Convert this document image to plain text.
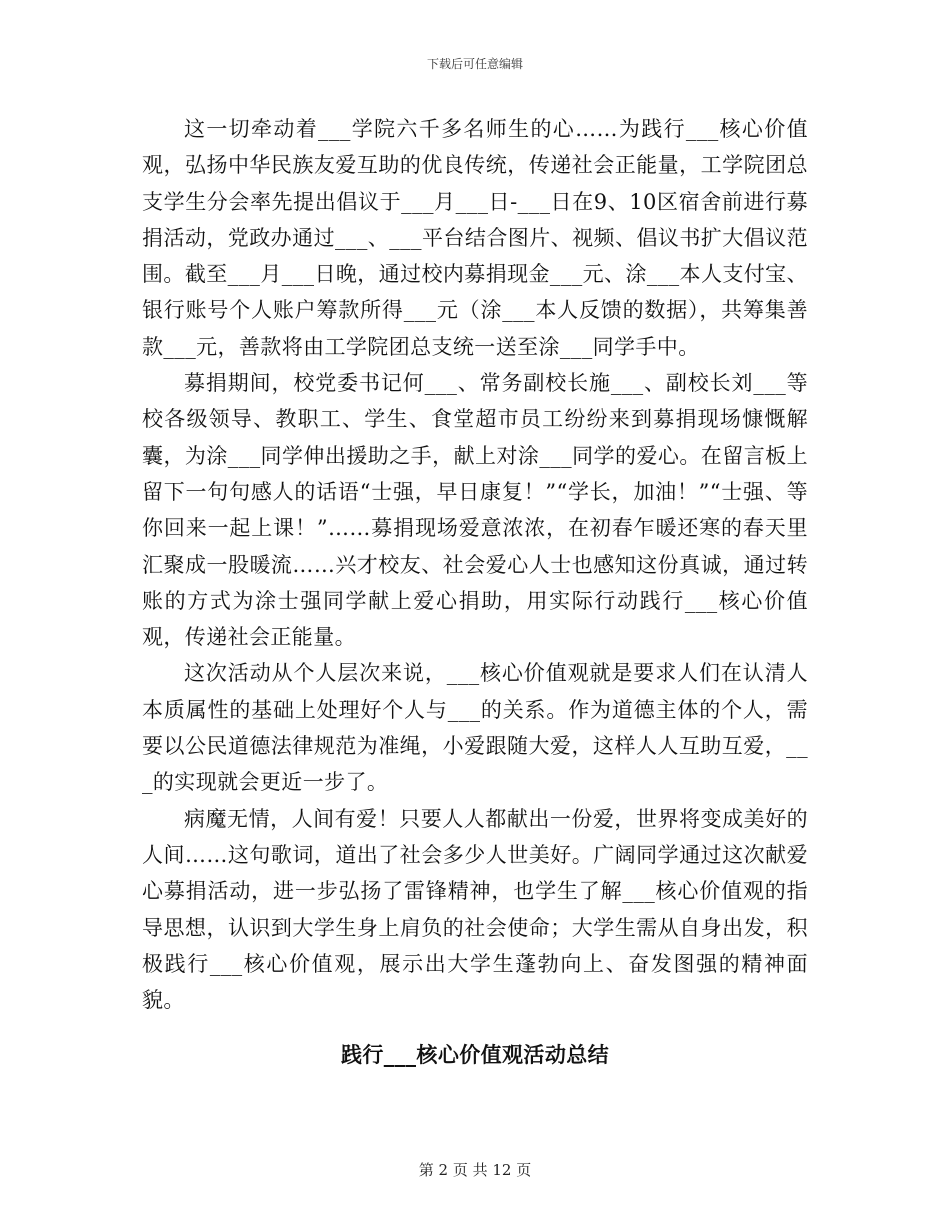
下载后可任意编辑

这一切牵动着___学院六千多名师生的心……为践行___核心价值观，弘扬中华民族友爱互助的优良传统，传递社会正能量，工学院团总支学生分会率先提出倡议于___月___日-___日在9、10区宿舍前进行募捐活动，党政办通过___、___平台结合图片、视频、倡议书扩大倡议范围。截至___月___日晚，通过校内募捐现金___元、涂___本人支付宝、银行账号个人账户筹款所得___元（涂___本人反馈的数据），共筹集善款___元，善款将由工学院团总支统一送至涂___同学手中。

募捐期间，校党委书记何___、常务副校长施___、副校长刘___等校各级领导、教职工、学生、食堂超市员工纷纷来到募捐现场慷慨解囊，为涂___同学伸出援助之手，献上对涂___同学的爱心。在留言板上留下一句句感人的话语“士强，早日康复！”“学长，加油！”“士强、等你回来一起上课！”……募捐现场爱意浓浓，在初春乍暖还寒的春天里汇聚成一股暖流……兴才校友、社会爱心人士也感知这份真诚，通过转账的方式为涂士强同学献上爱心捐助，用实际行动践行___核心价值观，传递社会正能量。

这次活动从个人层次来说，___核心价值观就是要求人们在认清人本质属性的基础上处理好个人与___的关系。作为道德主体的个人，需要以公民道德法律规范为准绳，小爱跟随大爱，这样人人互助互爱，___的实现就会更近一步了。

病魔无情，人间有爱！只要人人都献出一份爱，世界将变成美好的人间……这句歌词，道出了社会多少人世美好。广阔同学通过这次献爱心募捐活动，进一步弘扬了雷锋精神，也学生了解___核心价值观的指导思想，认识到大学生身上肩负的社会使命；大学生需从自身出发，积极践行___核心价值观，展示出大学生蓬勃向上、奋发图强的精神面貌。

践行___核心价值观活动总结
第 2 页 共 12 页
